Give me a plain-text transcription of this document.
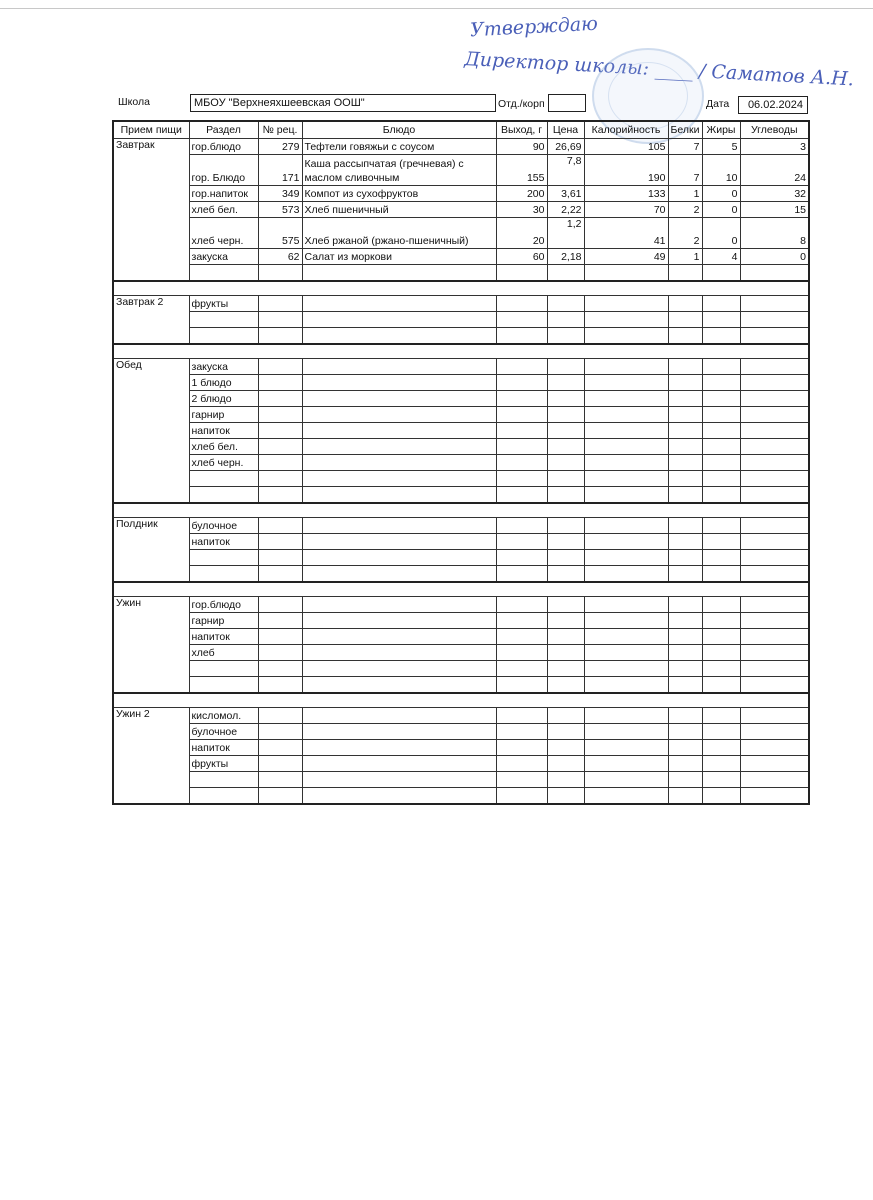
Утверждаю
Директор школы: ____ / Саматов А.Н.
Школа	МБОУ "Верхнеяхшеевская ООШ"	Отд./корп	Дата	06.02.2024
Прием пищи	Раздел	№ рец.	Блюдо	Выход, г	Цена	Калорийность	Белки	Жиры	Углеводы
Завтрак	гор.блюдо	279	Тефтели говяжьи с соусом	90	26,69	105	7	5	3
	гор. Блюдо	171	Каша рассыпчатая (гречневая) с маслом сливочным	155	7,8	190	7	10	24
	гор.напиток	349	Компот из сухофруктов	200	3,61	133	1	0	32
	хлеб бел.	573	Хлеб пшеничный	30	2,22	70	2	0	15
	хлеб черн.	575	Хлеб ржаной (ржано-пшеничный)	20	1,2	41	2	0	8
	закуска	62	Салат из моркови	60	2,18	49	1	4	0

Завтрак 2	фрукты								

Обед	закуска								
	1 блюдо								
	2 блюдо								
	гарнир								
	напиток								
	хлеб бел.								
	хлеб черн.								

Полдник	булочное								
	напиток								

Ужин	гор.блюдо								
	гарнир								
	напиток								
	хлеб								

Ужин 2	кисломол.								
	булочное								
	напиток								
	фрукты								
